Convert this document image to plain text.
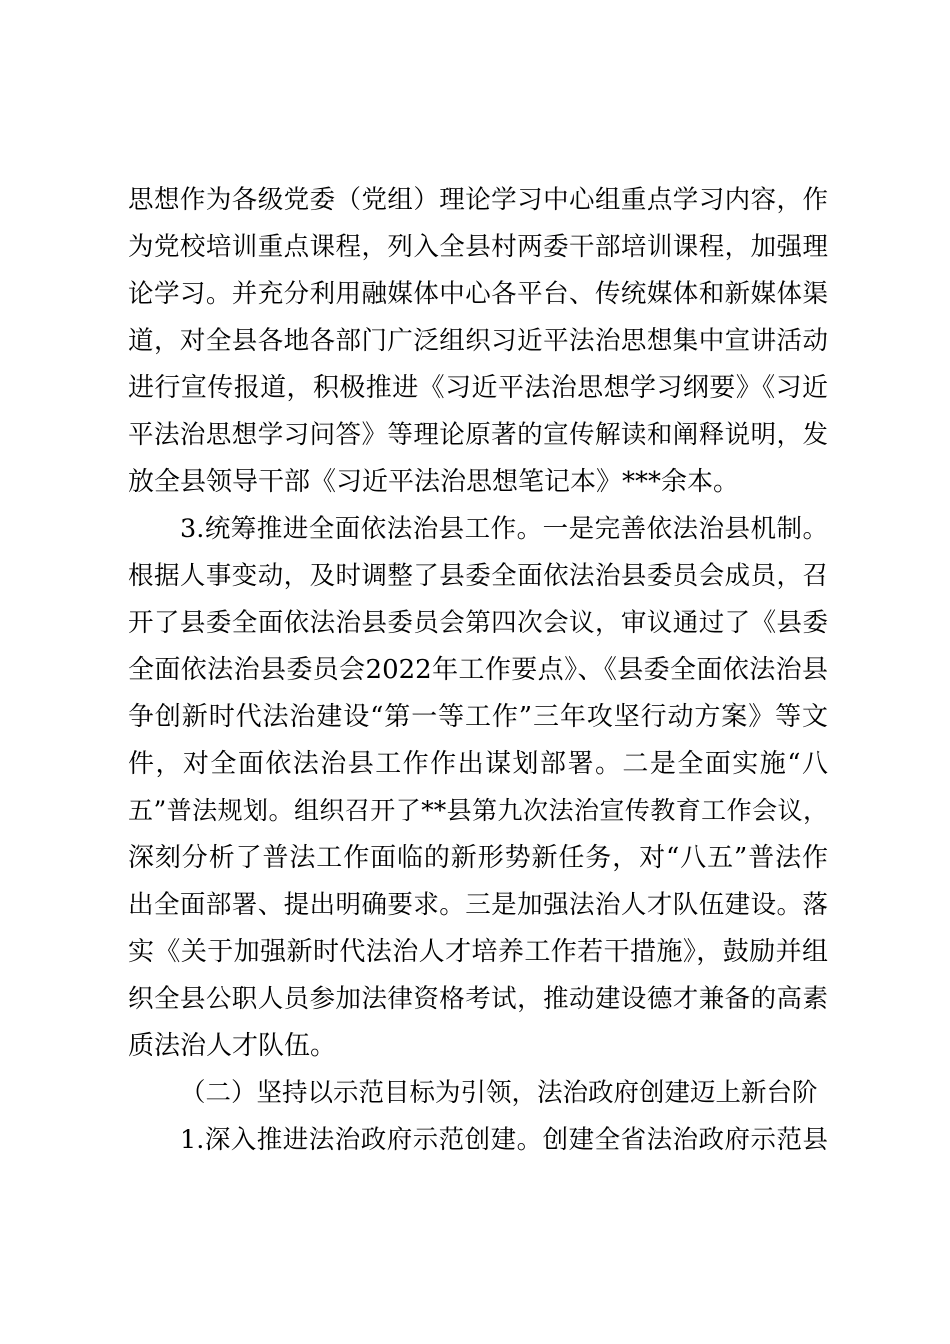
思想作为各级党委（党组）理论学习中心组重点学习内容，作
为党校培训重点课程，列入全县村两委干部培训课程，加强理
论学习。并充分利用融媒体中心各平台、传统媒体和新媒体渠
道，对全县各地各部门广泛组织习近平法治思想集中宣讲活动
进行宣传报道，积极推进《习近平法治思想学习纲要》《习近
平法治思想学习问答》等理论原著的宣传解读和阐释说明，发
放全县领导干部《习近平法治思想笔记本》***余本。
3.统筹推进全面依法治县工作。一是完善依法治县机制。
根据人事变动，及时调整了县委全面依法治县委员会成员，召
开了县委全面依法治县委员会第四次会议，审议通过了《县委
全面依法治县委员会2022年工作要点》、《县委全面依法治县
争创新时代法治建设“第一等工作”三年攻坚行动方案》等文
件，对全面依法治县工作作出谋划部署。二是全面实施“八
五”普法规划。组织召开了**县第九次法治宣传教育工作会议，
深刻分析了普法工作面临的新形势新任务，对“八五”普法作
出全面部署、提出明确要求。三是加强法治人才队伍建设。落
实《关于加强新时代法治人才培养工作若干措施》，鼓励并组
织全县公职人员参加法律资格考试，推动建设德才兼备的高素
质法治人才队伍。
（二）坚持以示范目标为引领，法治政府创建迈上新台阶
1.深入推进法治政府示范创建。创建全省法治政府示范县
